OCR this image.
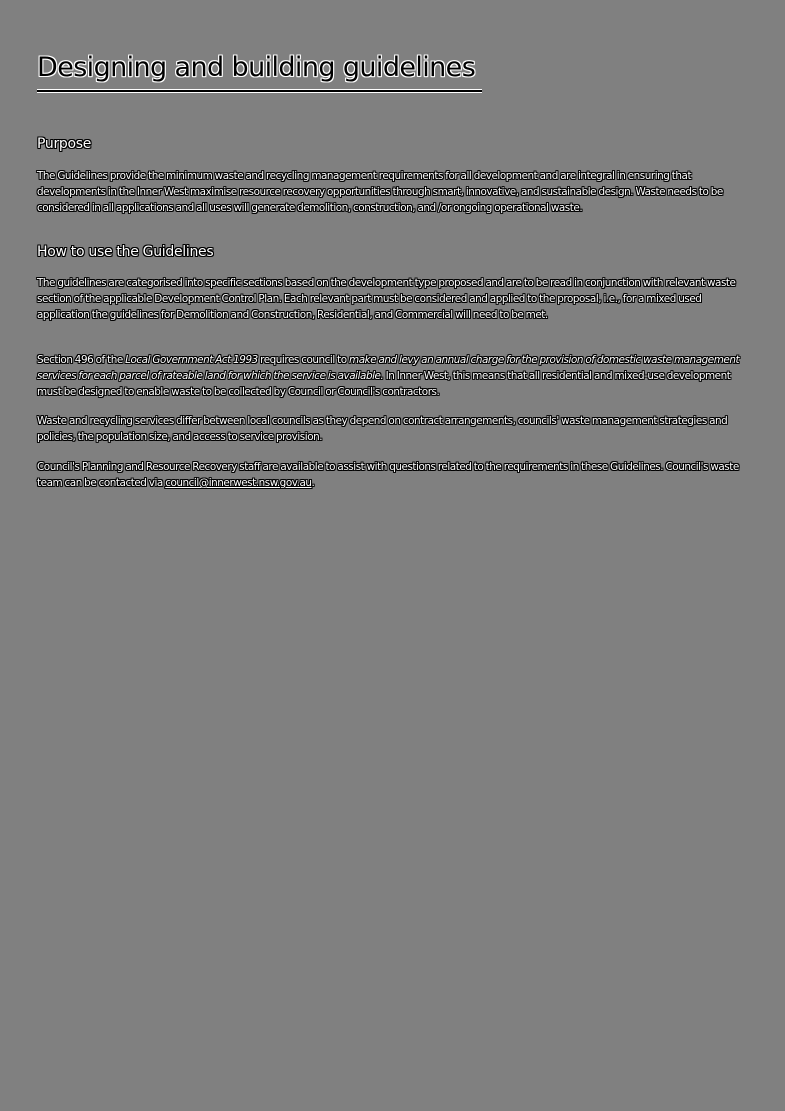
Designing and building guidelines
Purpose

The Guidelines provide the minimum waste and recycling management requirements for all development and are integral in ensuring that developments in the Inner West maximise resource recovery opportunities through smart, innovative, and sustainable design. Waste needs to be considered in all applications and all uses will generate demolition, construction, and /or ongoing operational waste.

How to use the Guidelines

The guidelines are categorised into specific sections based on the development type proposed and are to be read in conjunction with relevant waste section of the applicable Development Control Plan. Each relevant part must be considered and applied to the proposal, i.e., for a mixed used application the guidelines for Demolition and Construction, Residential, and Commercial will need to be met.

Section 496 of the Local Government Act 1993 requires council to make and levy an annual charge for the provision of domestic waste management services for each parcel of rateable land for which the service is available. In Inner West, this means that all residential and mixed-use development must be designed to enable waste to be collected by Council or Council's contractors.

Waste and recycling services differ between local councils as they depend on contract arrangements, councils' waste management strategies and policies, the population size, and access to service provision.

Council's Planning and Resource Recovery staff are available to assist with questions related to the requirements in these Guidelines. Council's waste team can be contacted via council@innerwest.nsw.gov.au.
